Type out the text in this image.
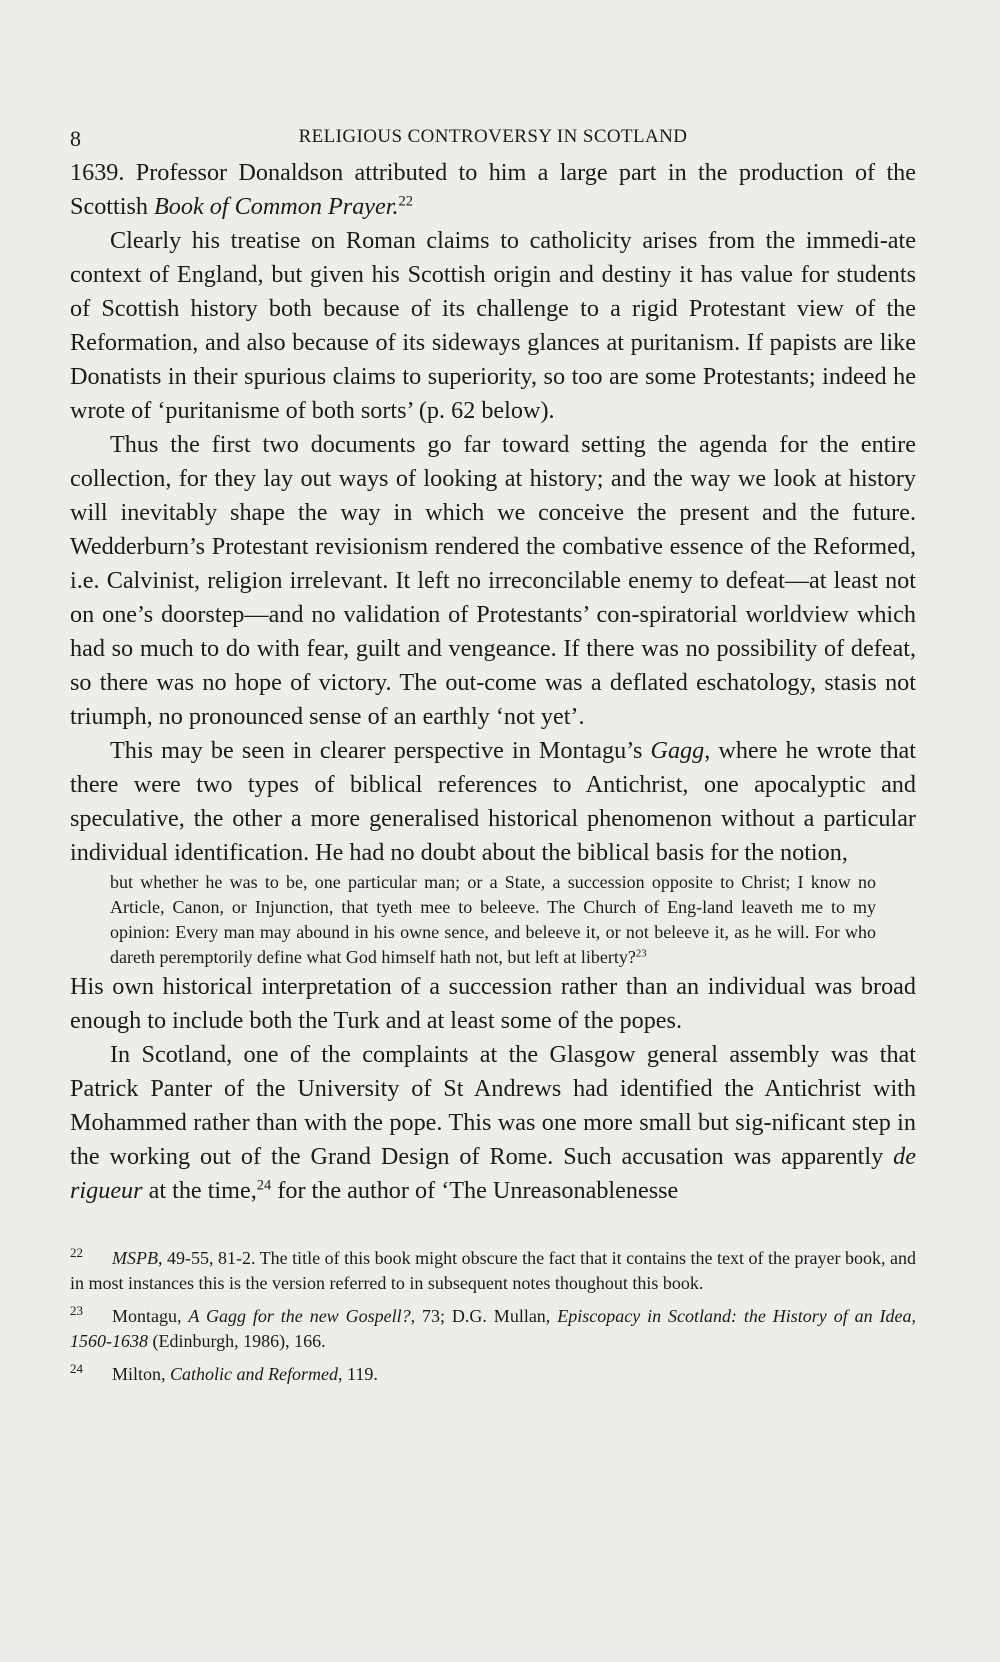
8	RELIGIOUS CONTROVERSY IN SCOTLAND

1639. Professor Donaldson attributed to him a large part in the production of the Scottish Book of Common Prayer.$^{22}$

Clearly his treatise on Roman claims to catholicity arises from the immedi-ate context of England, but given his Scottish origin and destiny it has value for students of Scottish history both because of its challenge to a rigid Protestant view of the Reformation, and also because of its sideways glances at puritanism. If papists are like Donatists in their spurious claims to superiority, so too are some Protestants; indeed he wrote of ‘puritanisme of both sorts’ (p. 62 below).

Thus the first two documents go far toward setting the agenda for the entire collection, for they lay out ways of looking at history; and the way we look at history will inevitably shape the way in which we conceive the present and the future. Wedderburn’s Protestant revisionism rendered the combative essence of the Reformed, i.e. Calvinist, religion irrelevant. It left no irreconcilable enemy to defeat—at least not on one’s doorstep—and no validation of Protestants’ con-spiratorial worldview which had so much to do with fear, guilt and vengeance. If there was no possibility of defeat, so there was no hope of victory. The out-come was a deflated eschatology, stasis not triumph, no pronounced sense of an earthly ‘not yet’.

This may be seen in clearer perspective in Montagu’s Gagg, where he wrote that there were two types of biblical references to Antichrist, one apocalyptic and speculative, the other a more generalised historical phenomenon without a particular individual identification. He had no doubt about the biblical basis for the notion,

but whether he was to be, one particular man; or a State, a succession opposite to Christ; I know no Article, Canon, or Injunction, that tyeth mee to beleeve. The Church of Eng-land leaveth me to my opinion: Every man may abound in his owne sence, and beleeve it, or not beleeve it, as he will. For who dareth peremptorily define what God himself hath not, but left at liberty?$^{23}$

His own historical interpretation of a succession rather than an individual was broad enough to include both the Turk and at least some of the popes.

In Scotland, one of the complaints at the Glasgow general assembly was that Patrick Panter of the University of St Andrews had identified the Antichrist with Mohammed rather than with the pope. This was one more small but sig-nificant step in the working out of the Grand Design of Rome. Such accusation was apparently de rigueur at the time,$^{24}$ for the author of ‘The Unreasonablenesse

22 MSPB, 49-55, 81-2. The title of this book might obscure the fact that it contains the text of the prayer book, and in most instances this is the version referred to in subsequent notes thoughout this book.
23 Montagu, A Gagg for the new Gospell?, 73; D.G. Mullan, Episcopacy in Scotland: the History of an Idea, 1560-1638 (Edinburgh, 1986), 166.
24 Milton, Catholic and Reformed, 119.
